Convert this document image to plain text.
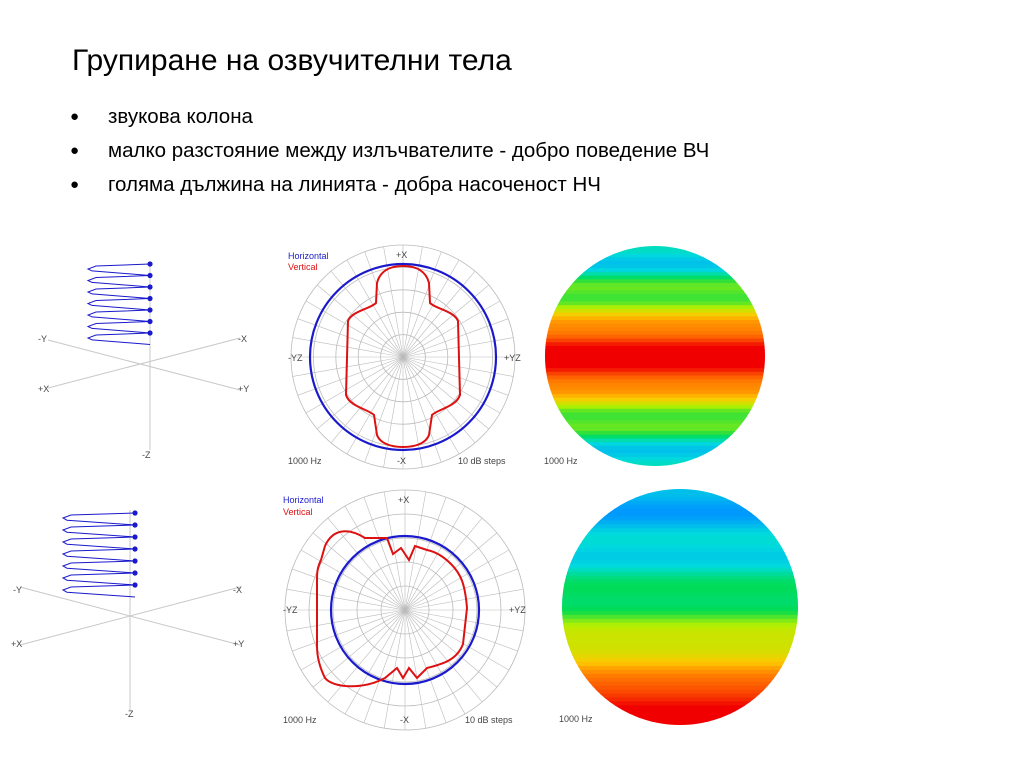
Групиране на озвучителни тела
● звукова колона
● малко разстояние между излъчвателите - добро поведение ВЧ
● голяма дължина на линията - добра насоченост НЧ
-Y	-X
+X	+Y
-Z
Horizontal
Vertical
+X
-X
-YZ	+YZ
1000 Hz	10 dB steps	1000 Hz
-Y	-X
+X	+Y
-Z
Horizontal
Vertical
+X
-X
-YZ	+YZ
1000 Hz	10 dB steps	1000 Hz
